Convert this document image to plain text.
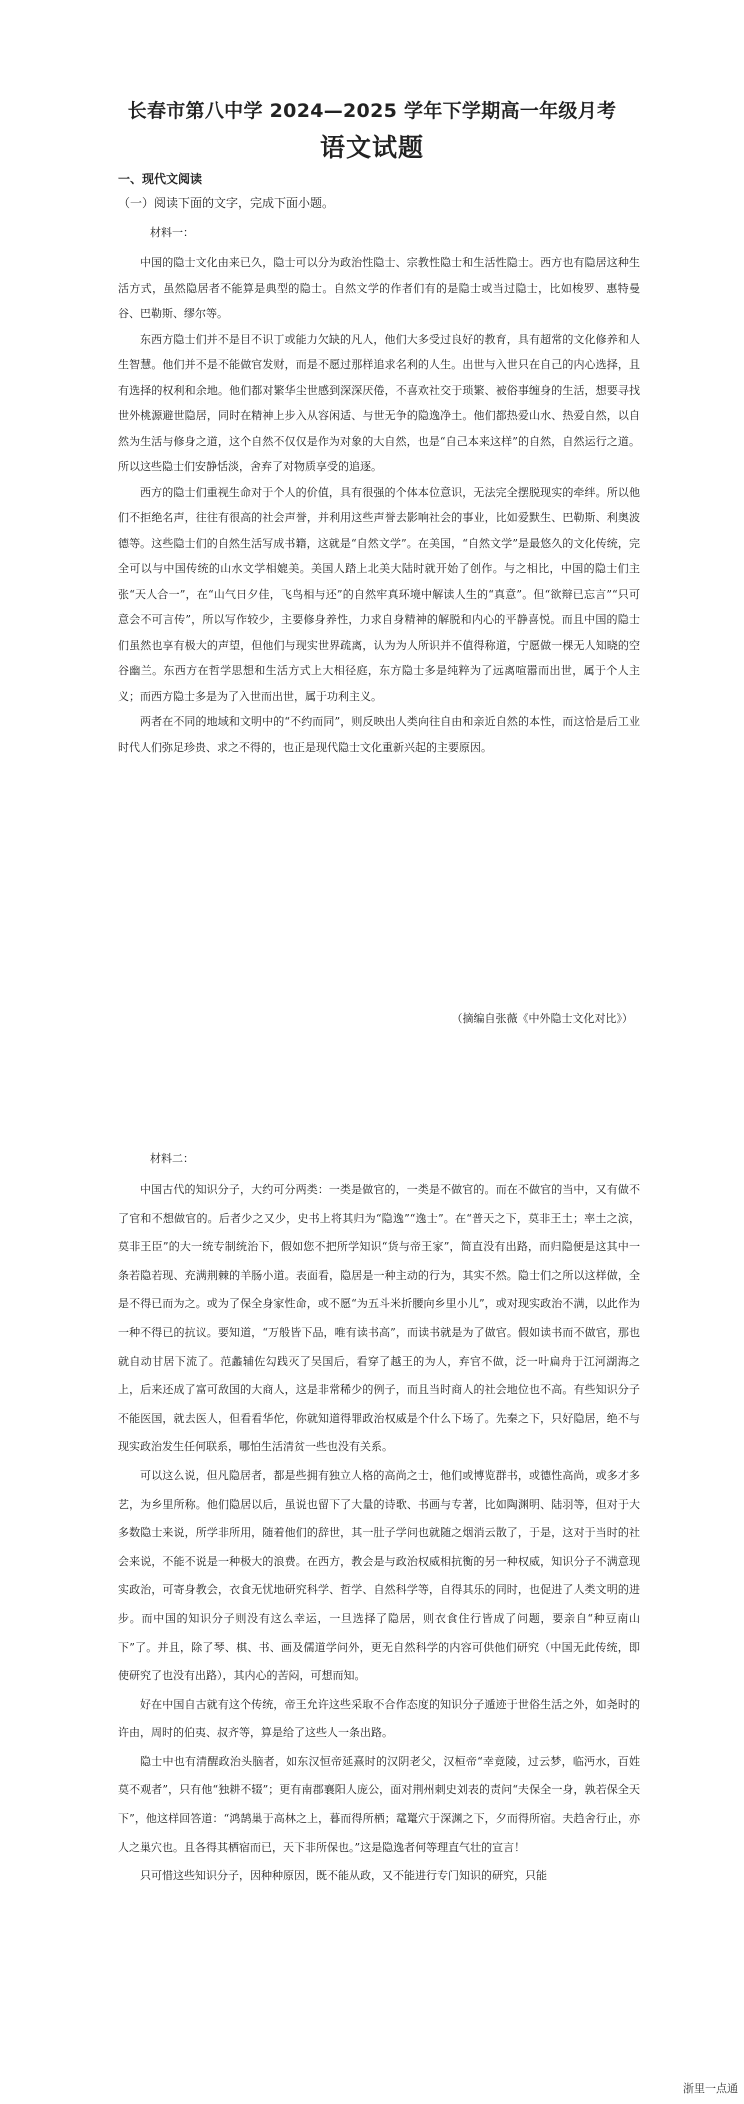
长春市第八中学 2024—2025 学年下学期高一年级月考
语文试题
一、现代文阅读
（一）阅读下面的文字，完成下面小题。
材料一：

中国的隐士文化由来已久，隐士可以分为政治性隐士、宗教性隐士和生活性隐士。西方也有隐居这种生活方式，虽然隐居者不能算是典型的隐士。自然文学的作者们有的是隐士或当过隐士，比如梭罗、惠特曼谷、巴勒斯、缪尔等。

东西方隐士们并不是目不识丁或能力欠缺的凡人，他们大多受过良好的教育，具有超常的文化修养和人生智慧。他们并不是不能做官发财，而是不愿过那样追求名利的人生。出世与入世只在自己的内心选择，且有选择的权利和余地。他们都对繁华尘世感到深深厌倦，不喜欢社交于琐繁、被俗事缠身的生活，想要寻找世外桃源避世隐居，同时在精神上步入从容闲适、与世无争的隐逸净土。他们都热爱山水、热爱自然，以自然为生活与修身之道，这个自然不仅仅是作为对象的大自然，也是“自己本来这样”的自然，自然运行之道。所以这些隐士们安静恬淡，舍弃了对物质享受的追逐。

西方的隐士们重视生命对于个人的价值，具有很强的个体本位意识，无法完全摆脱现实的牵绊。所以他们不拒绝名声，往往有很高的社会声誉，并利用这些声誉去影响社会的事业，比如爱默生、巴勒斯、利奥波德等。这些隐士们的自然生活写成书籍，这就是“自然文学”。在美国，“自然文学”是最悠久的文化传统，完全可以与中国传统的山水文学相媲美。美国人踏上北美大陆时就开始了创作。与之相比，中国的隐士们主张“天人合一”，在“山气日夕佳，飞鸟相与还”的自然牢真环境中解读人生的“真意”。但“欲辩已忘言”“只可意会不可言传”，所以写作较少，主要修身养性，力求自身精神的解脱和内心的平静喜悦。而且中国的隐士们虽然也享有极大的声望，但他们与现实世界疏离，认为为人所识并不值得称道，宁愿做一棵无人知晓的空谷幽兰。东西方在哲学思想和生活方式上大相径庭，东方隐士多是纯粹为了远离喧嚣而出世，属于个人主义；而西方隐士多是为了入世而出世，属于功利主义。

两者在不同的地域和文明中的“不约而同”，则反映出人类向往自由和亲近自然的本性，而这恰是后工业时代人们弥足珍贵、求之不得的，也正是现代隐士文化重新兴起的主要原因。

（摘编自张薇《中外隐士文化对比》）
材料二：

中国古代的知识分子，大约可分两类：一类是做官的，一类是不做官的。而在不做官的当中，又有做不了官和不想做官的。后者少之又少，史书上将其归为“隐逸”“逸士”。在“普天之下，莫非王土；率土之滨，莫非王臣”的大一统专制统治下，假如您不把所学知识“货与帝王家”，简直没有出路，而归隐便是这其中一条若隐若现、充满荆棘的羊肠小道。表面看，隐居是一种主动的行为，其实不然。隐士们之所以这样做，全是不得已而为之。或为了保全身家性命，或不愿“为五斗米折腰向乡里小儿”，或对现实政治不满，以此作为一种不得已的抗议。要知道，“万般皆下品，唯有读书高”，而读书就是为了做官。假如读书而不做官，那也就自动甘居下流了。范蠡辅佐勾践灭了吴国后，看穿了越王的为人，弃官不做，泛一叶扁舟于江河湖海之上，后来还成了富可敌国的大商人，这是非常稀少的例子，而且当时商人的社会地位也不高。有些知识分子不能医国，就去医人，但看看华佗，你就知道得罪政治权威是个什么下场了。先秦之下，只好隐居，绝不与现实政治发生任何联系，哪怕生活清贫一些也没有关系。

可以这么说，但凡隐居者，都是些拥有独立人格的高尚之士，他们或博览群书，或德性高尚，或多才多艺，为乡里所称。他们隐居以后，虽说也留下了大量的诗歌、书画与专著，比如陶渊明、陆羽等，但对于大多数隐士来说，所学非所用，随着他们的辞世，其一肚子学问也就随之烟消云散了，于是，这对于当时的社会来说，不能不说是一种极大的浪费。在西方，教会是与政治权威相抗衡的另一种权威，知识分子不满意现实政治，可寄身教会，衣食无忧地研究科学、哲学、自然科学等，自得其乐的同时，也促进了人类文明的进步。而中国的知识分子则没有这么幸运，一旦选择了隐居，则衣食住行皆成了问题，要亲自“种豆南山下”了。并且，除了琴、棋、书、画及儒道学问外，更无自然科学的内容可供他们研究（中国无此传统，即使研究了也没有出路），其内心的苦闷，可想而知。

好在中国自古就有这个传统，帝王允许这些采取不合作态度的知识分子遁迹于世俗生活之外，如尧时的许由，周时的伯夷、叔齐等，算是给了这些人一条出路。

隐士中也有清醒政治头脑者，如东汉恒帝延熹时的汉阴老父，汉桓帝“幸竟陵，过云梦，临沔水，百姓莫不观者”，只有他“独耕不辍”；更有南郡襄阳人庞公，面对荆州刺史刘表的责问“夫保全一身，孰若保全天下”，他这样回答道：“鸿鹄巢于高林之上，暮而得所栖；鼋鼍穴于深渊之下，夕而得所宿。夫趋舍行止，亦人之巢穴也。且各得其栖宿而已，天下非所保也。”这是隐逸者何等理直气壮的宣言！

只可惜这些知识分子，因种种原因，既不能从政，又不能进行专门知识的研究，只能

浙里一点通
